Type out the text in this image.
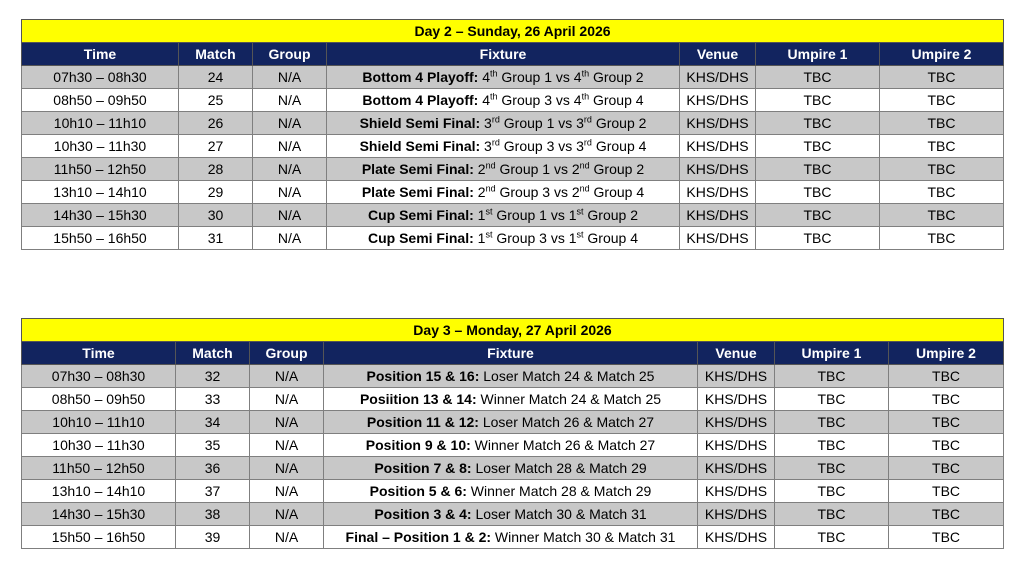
Day 2 – Sunday, 26 April 2026						
Time	Match	Group	Fixture	Venue	Umpire 1	Umpire 2
07h30 – 08h30	24	N/A	Bottom 4 Playoff: 4th Group 1 vs 4th Group 2	KHS/DHS	TBC	TBC
08h50 – 09h50	25	N/A	Bottom 4 Playoff: 4th Group 3 vs 4th Group 4	KHS/DHS	TBC	TBC
10h10 – 11h10	26	N/A	Shield Semi Final: 3rd Group 1 vs 3rd Group 2	KHS/DHS	TBC	TBC
10h30 – 11h30	27	N/A	Shield Semi Final: 3rd Group 3 vs 3rd Group 4	KHS/DHS	TBC	TBC
11h50 – 12h50	28	N/A	Plate Semi Final: 2nd Group 1 vs 2nd Group 2	KHS/DHS	TBC	TBC
13h10 – 14h10	29	N/A	Plate Semi Final: 2nd Group 3 vs 2nd Group 4	KHS/DHS	TBC	TBC
14h30 – 15h30	30	N/A	Cup Semi Final: 1st Group 1 vs 1st Group 2	KHS/DHS	TBC	TBC
15h50 – 16h50	31	N/A	Cup Semi Final: 1st Group 3 vs 1st Group 4	KHS/DHS	TBC	TBC
Day 3 – Monday, 27 April 2026						
Time	Match	Group	Fixture	Venue	Umpire 1	Umpire 2
07h30 – 08h30	32	N/A	Position 15 & 16: Loser Match 24 & Match 25	KHS/DHS	TBC	TBC
08h50 – 09h50	33	N/A	Posiition 13 & 14: Winner Match 24 & Match 25	KHS/DHS	TBC	TBC
10h10 – 11h10	34	N/A	Position 11 & 12: Loser Match 26 & Match 27	KHS/DHS	TBC	TBC
10h30 – 11h30	35	N/A	Position 9 & 10: Winner Match 26 & Match 27	KHS/DHS	TBC	TBC
11h50 – 12h50	36	N/A	Position 7 & 8: Loser Match 28 & Match 29	KHS/DHS	TBC	TBC
13h10 – 14h10	37	N/A	Position 5 & 6: Winner Match 28 & Match 29	KHS/DHS	TBC	TBC
14h30 – 15h30	38	N/A	Position 3 & 4: Loser Match 30 & Match 31	KHS/DHS	TBC	TBC
15h50 – 16h50	39	N/A	Final – Position 1 & 2: Winner Match 30 & Match 31	KHS/DHS	TBC	TBC
